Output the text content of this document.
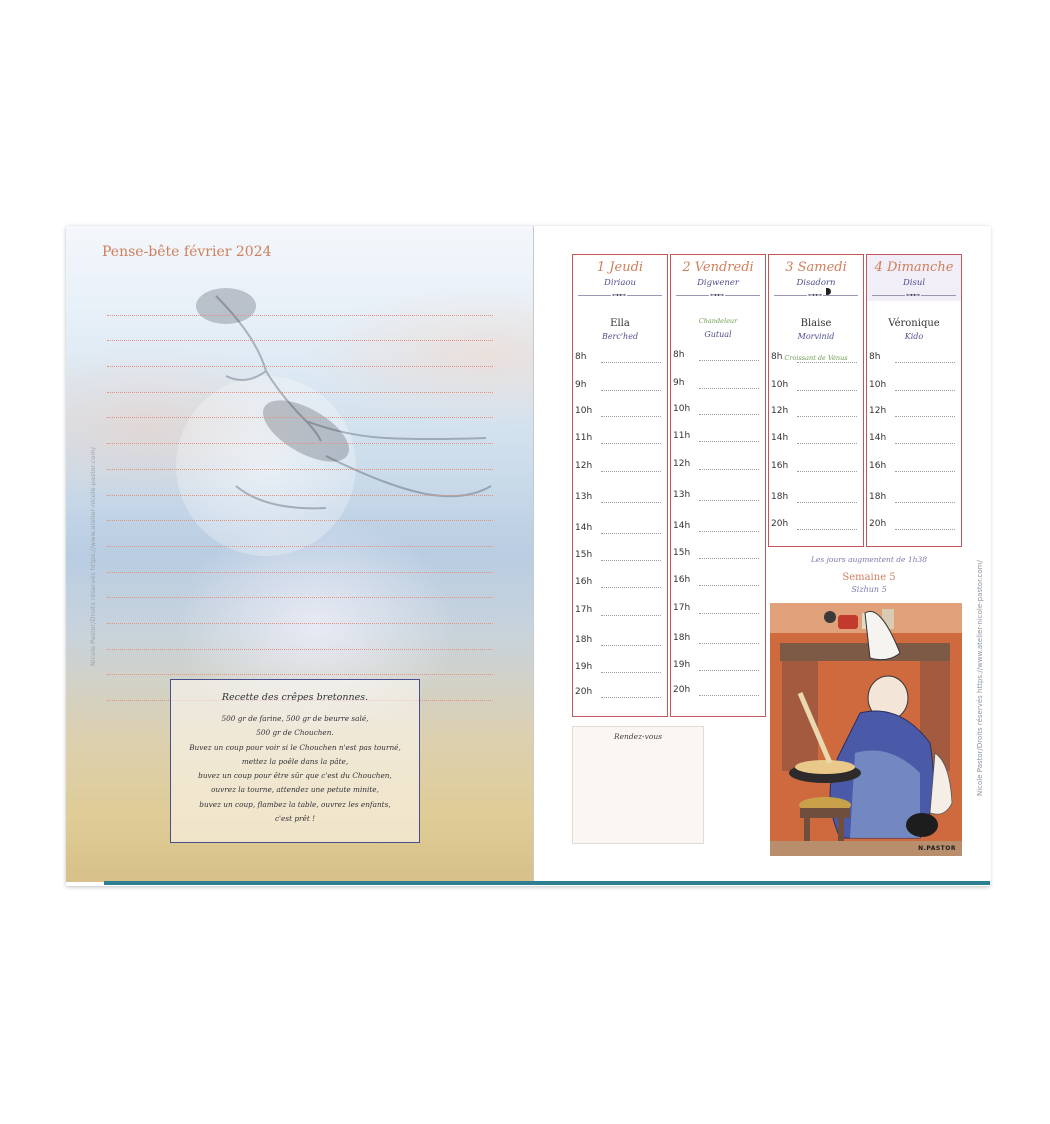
Pense-bête février 2024
Nicole Pastor/Droits réservés https://www.atelier-nicole-pastor.com/
Recette des crêpes bretonnes.
500 gr de farine, 500 gr de beurre salé,
500 gr de Chouchen.
Buvez un coup pour voir si le Chouchen n'est pas tourné,
mettez la poêle dans la pâte,
buvez un coup pour être sûr que c'est du Chouchen,
ouvrez la tourne, attendez une petute minite,
buvez un coup, flambez la table, ouvrez les enfants,
c'est prêt !
1 Jeudi
Diriaou
⊶⊷
Ella
Berc'hed
8h
9h
10h
11h
12h
13h
14h
15h
16h
17h
18h
19h
20h
2 Vendredi
Digwener
⊶⊷
Chandeleur
Gutual
8h
9h
10h
11h
12h
13h
14h
15h
16h
17h
18h
19h
20h
3 Samedi
Disadorn
⊶⊷
Blaise
Morvinid
Croissant de Vénus
8h
10h
12h
14h
16h
18h
20h
4 Dimanche
Disul
⊶⊷
Véronique
Kido
8h
10h
12h
14h
16h
18h
20h
Rendez-vous
Les jours augmentent de 1h38
Semaine 5
Sizhun 5
N.PASTOR
Nicole Pastor/Droits réservés https://www.atelier-nicole-pastor.com/
